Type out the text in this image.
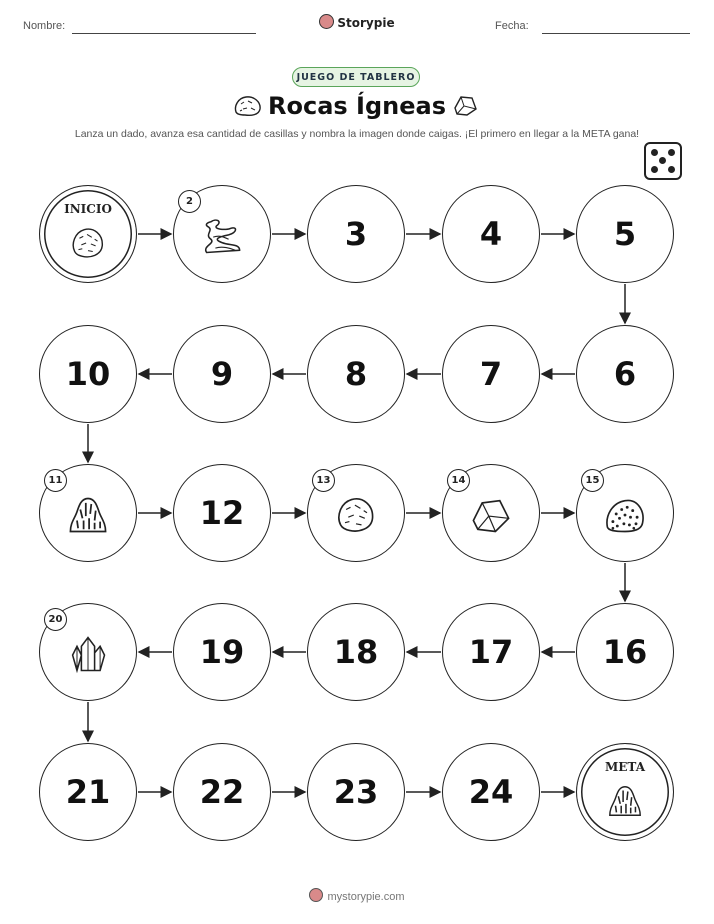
Nombre:	Storypie	Fecha:
JUEGO DE TABLERO
Rocas Ígneas
Lanza un dado, avanza esa cantidad de casillas y nombra la imagen donde caigas. ¡El primero en llegar a la META gana!
INICIO
2
3	4	5
6
7
8
9
10
11
12
13	14	15
16
17
18
19
20
21	22	23	24
META
mystorypie.com
